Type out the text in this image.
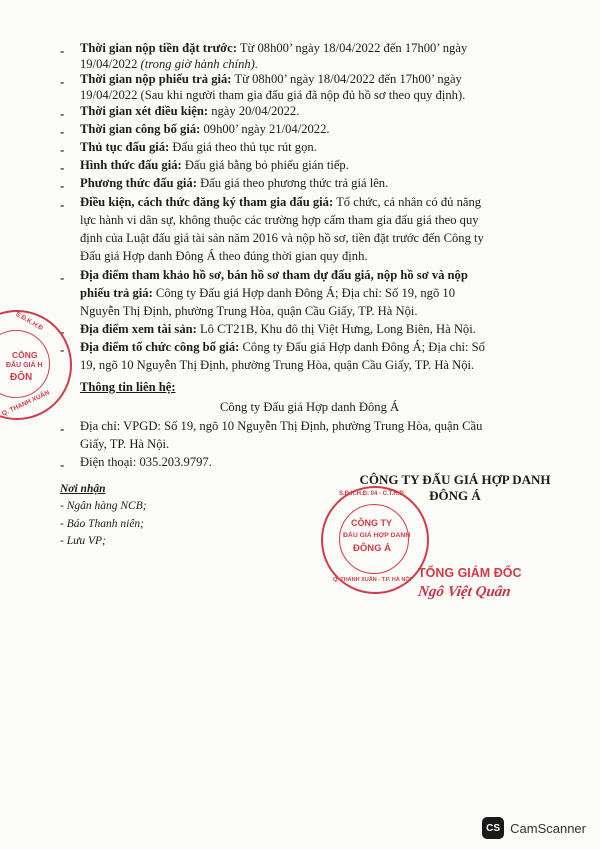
- Thời gian nộp tiền đặt trước: Từ 08h00’ ngày 18/04/2022 đến 17h00’ ngày
19/04/2022 (trong giờ hành chính).
- Thời gian nộp phiếu trả giá: Từ 08h00’ ngày 18/04/2022 đến 17h00’ ngày
19/04/2022 (Sau khi người tham gia đấu giá đã nộp đủ hồ sơ theo quy định).
- Thời gian xét điều kiện: ngày 20/04/2022.
- Thời gian công bố giá: 09h00’ ngày 21/04/2022.
- Thủ tục đấu giá: Đấu giá theo thủ tục rút gọn.
- Hình thức đấu giá: Đấu giá bằng bỏ phiếu gián tiếp.
- Phương thức đấu giá: Đấu giá theo phương thức trả giá lên.
- Điều kiện, cách thức đăng ký tham gia đấu giá: Tổ chức, cá nhân có đủ năng
lực hành vi dân sự, không thuộc các trường hợp cấm tham gia đấu giá theo quy
định của Luật đấu giá tài sản năm 2016 và nộp hồ sơ, tiền đặt trước đến Công ty
Đấu giá Hợp danh Đông Á theo đúng thời gian quy định.
- Địa điểm tham khảo hồ sơ, bán hồ sơ tham dự đấu giá, nộp hồ sơ và nộp
phiếu trả giá: Công ty Đấu giá Hợp danh Đông Á; Địa chỉ: Số 19, ngõ 10
Nguyễn Thị Định, phường Trung Hòa, quận Cầu Giấy, TP. Hà Nội.
- Địa điểm xem tài sản: Lô CT21B, Khu đô thị Việt Hưng, Long Biên, Hà Nội.
- Địa điểm tổ chức công bố giá: Công ty Đấu giá Hợp danh Đông Á; Địa chỉ: Số
19, ngõ 10 Nguyễn Thị Định, phường Trung Hòa, quận Cầu Giấy, TP. Hà Nội.
Thông tin liên hệ:
Công ty Đấu giá Hợp danh Đông Á
- Địa chỉ: VPGD: Số 19, ngõ 10 Nguyễn Thị Định, phường Trung Hòa, quận Cầu
Giấy, TP. Hà Nội.
- Điện thoại: 035.203.9797.
Nơi nhận
- Ngân hàng NCB;
- Báo Thanh niên;
- Lưu VP;
CÔNG TY ĐẤU GIÁ HỢP DANH
ĐÔNG Á
CÔNG
ĐẤU GIÁ H
ĐÔN
S.Đ.K.H.Đ
Q. THANH XUÂN
CÔNG TY
ĐẤU GIÁ HỢP DANH
ĐÔNG Á
S.Đ.K.H.Đ: 04 - C.T.H.Đ
Q. THANH XUÂN - T.P. HÀ NỘI TỔNG GIÁM ĐỐC
Ngô Việt Quân
CS CamScanner
